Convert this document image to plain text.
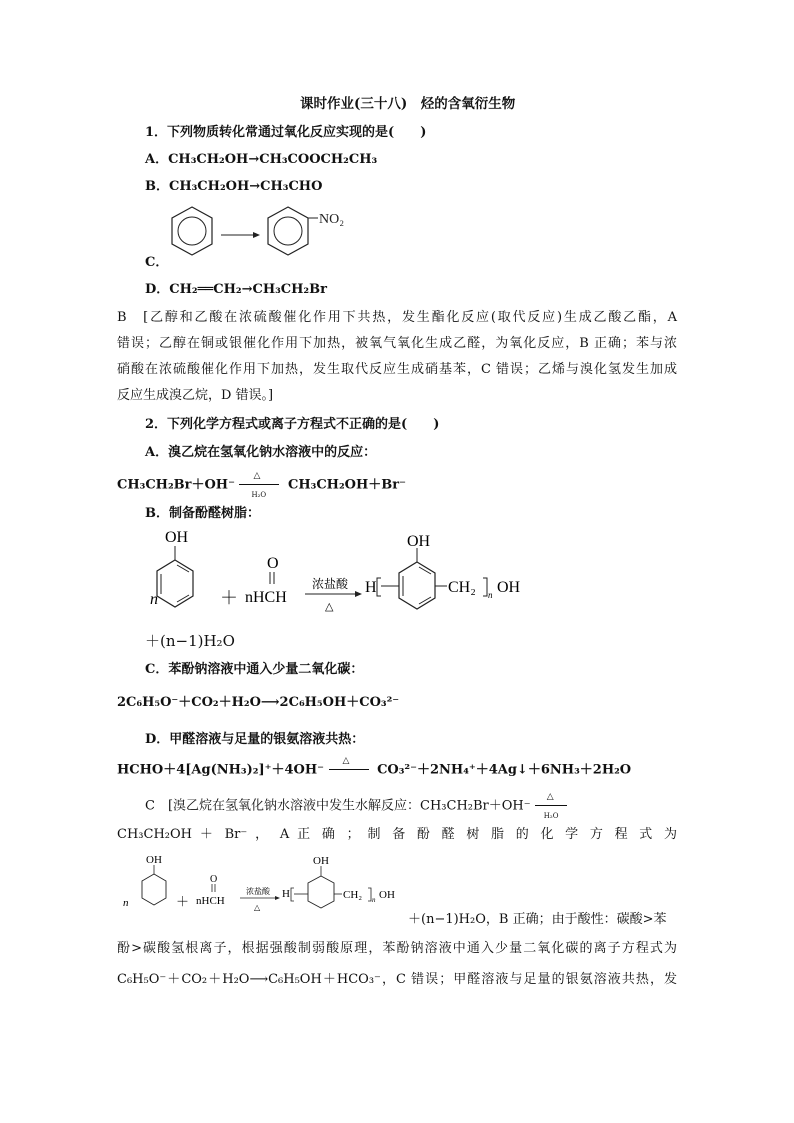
课时作业(三十八)　烃的含氧衍生物
1．下列物质转化常通过氧化反应实现的是(　　)
A．CH₃CH₂OH→CH₃COOCH₂CH₃
B．CH₃CH₂OH→CH₃CHO
NO₂
C．
D．CH₂══CH₂→CH₃CH₂Br
B　[乙醇和乙酸在浓硫酸催化作用下共热，发生酯化反应(取代反应)生成乙酸乙酯，A
错误；乙醇在铜或银催化作用下加热，被氧气氧化生成乙醛，为氧化反应，B 正确；苯与浓
硝酸在浓硫酸催化作用下加热，发生取代反应生成硝基苯，C 错误；乙烯与溴化氢发生加成
反应生成溴乙烷，D 错误。]
2．下列化学方程式或离子方程式不正确的是(　　)
A．溴乙烷在氢氧化钠水溶液中的反应：
CH₃CH₂Br＋OH⁻
△
H₂O
CH₃CH₂OH＋Br⁻
B．制备酚醛树脂：
n
OH
＋
O
nHCH
浓盐酸
△
H
OH
CH₂ n OH
＋(n−1)H₂O
C．苯酚钠溶液中通入少量二氧化碳：
2C₆H₅O⁻＋CO₂＋H₂O⟶2C₆H₅OH＋CO₃²⁻
D．甲醛溶液与足量的银氨溶液共热：
HCHO＋4[Ag(NH₃)₂]⁺＋4OH⁻
△
CO₃²⁻＋2NH₄⁺＋4Ag↓＋6NH₃＋2H₂O
C　[溴乙烷在氢氧化钠水溶液中发生水解反应：CH₃CH₂Br＋OH⁻
△
H₂O
CH₃CH₂OH ＋ Br⁻ ， A 正 确 ； 制 备 酚 醛 树 脂 的 化 学 方 程 式 为
n
OH
＋
O
nHCH
浓盐酸
△
H
OH
CH₂ n OH
＋(n−1)H₂O，B 正确；由于酸性：碳酸>苯
酚>碳酸氢根离子，根据强酸制弱酸原理，苯酚钠溶液中通入少量二氧化碳的离子方程式为
C₆H₅O⁻＋CO₂＋H₂O⟶C₆H₅OH＋HCO₃⁻，C 错误；甲醛溶液与足量的银氨溶液共热，发
